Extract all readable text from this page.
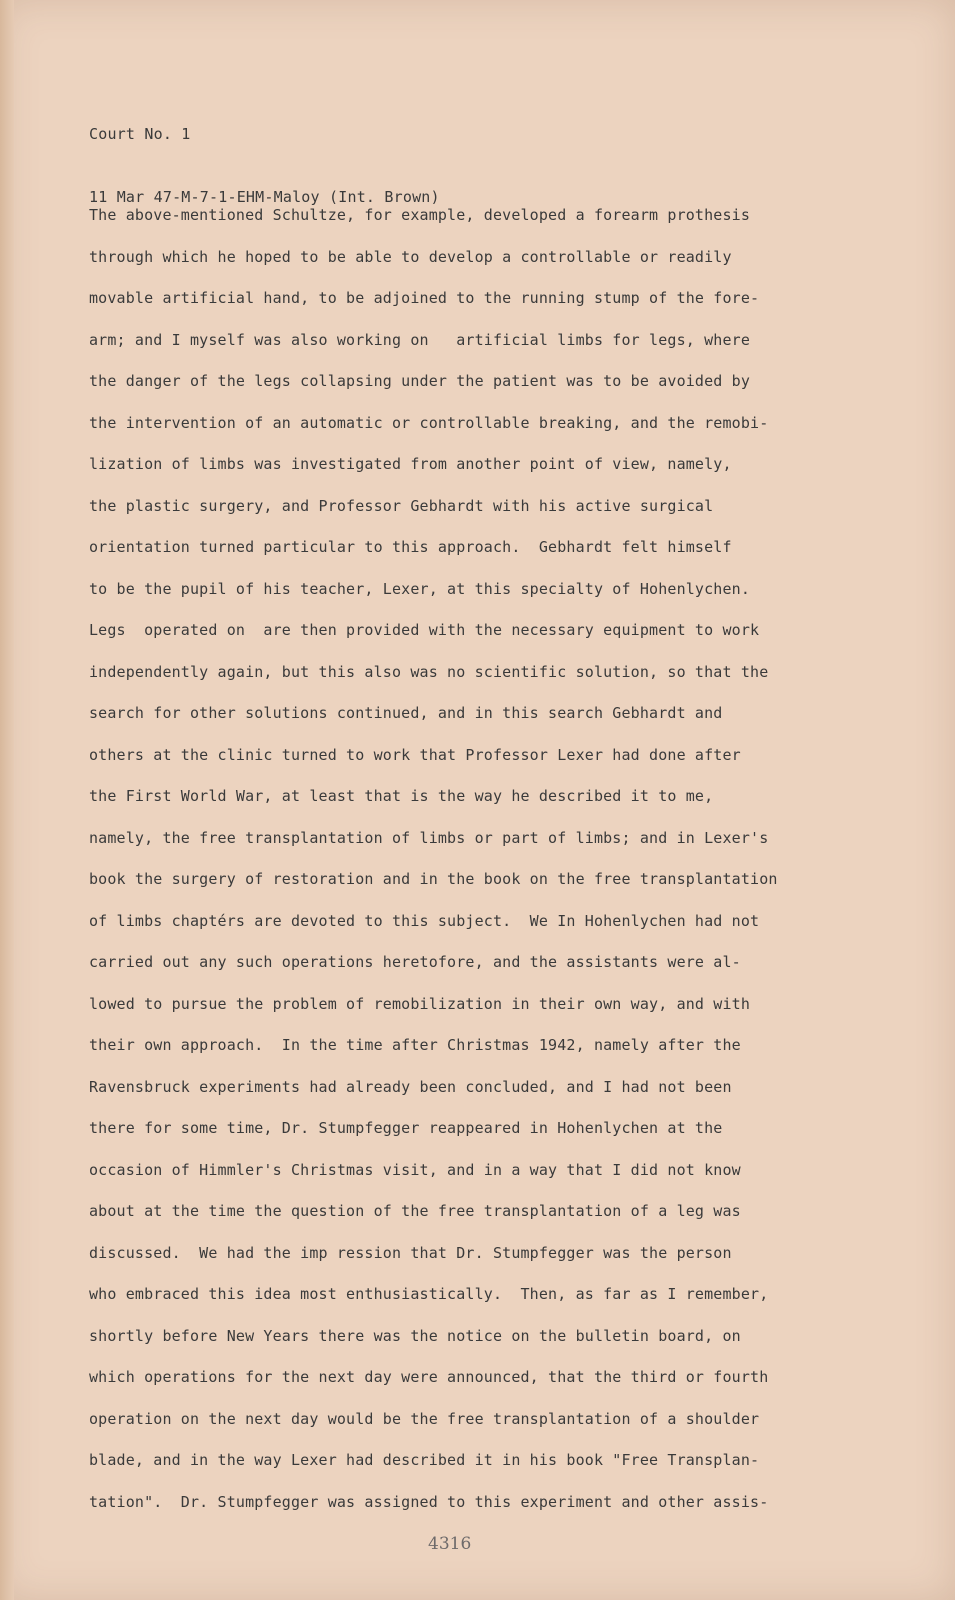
Court No. 1

11 Mar 47-M-7-1-EHM-Maloy (Int. Brown)

The above-mentioned Schultze, for example, developed a forearm prothesis
through which he hoped to be able to develop a controllable or readily
movable artificial hand, to be adjoined to the running stump of the fore-
arm; and I myself was also working on   artificial limbs for legs, where
the danger of the legs collapsing under the patient was to be avoided by
the intervention of an automatic or controllable breaking, and the remobi-
lization of limbs was investigated from another point of view, namely,
the plastic surgery, and Professor Gebhardt with his active surgical
orientation turned particular to this approach.  Gebhardt felt himself
to be the pupil of his teacher, Lexer, at this specialty of Hohenlychen.
Legs  operated on  are then provided with the necessary equipment to work
independently again, but this also was no scientific solution, so that the
search for other solutions continued, and in this search Gebhardt and
others at the clinic turned to work that Professor Lexer had done after
the First World War, at least that is the way he described it to me,
namely, the free transplantation of limbs or part of limbs; and in Lexer's
book the surgery of restoration and in the book on the free transplantation
of limbs chaptérs are devoted to this subject.  We In Hohenlychen had not
carried out any such operations heretofore, and the assistants were al-
lowed to pursue the problem of remobilization in their own way, and with
their own approach.  In the time after Christmas 1942, namely after the
Ravensbruck experiments had already been concluded, and I had not been
there for some time, Dr. Stumpfegger reappeared in Hohenlychen at the
occasion of Himmler's Christmas visit, and in a way that I did not know
about at the time the question of the free transplantation of a leg was
discussed.  We had the imp ression that Dr. Stumpfegger was the person
who embraced this idea most enthusiastically.  Then, as far as I remember,
shortly before New Years there was the notice on the bulletin board, on
which operations for the next day were announced, that the third or fourth
operation on the next day would be the free transplantation of a shoulder
blade, and in the way Lexer had described it in his book "Free Transplan-
tation".  Dr. Stumpfegger was assigned to this experiment and other assis-
4316
